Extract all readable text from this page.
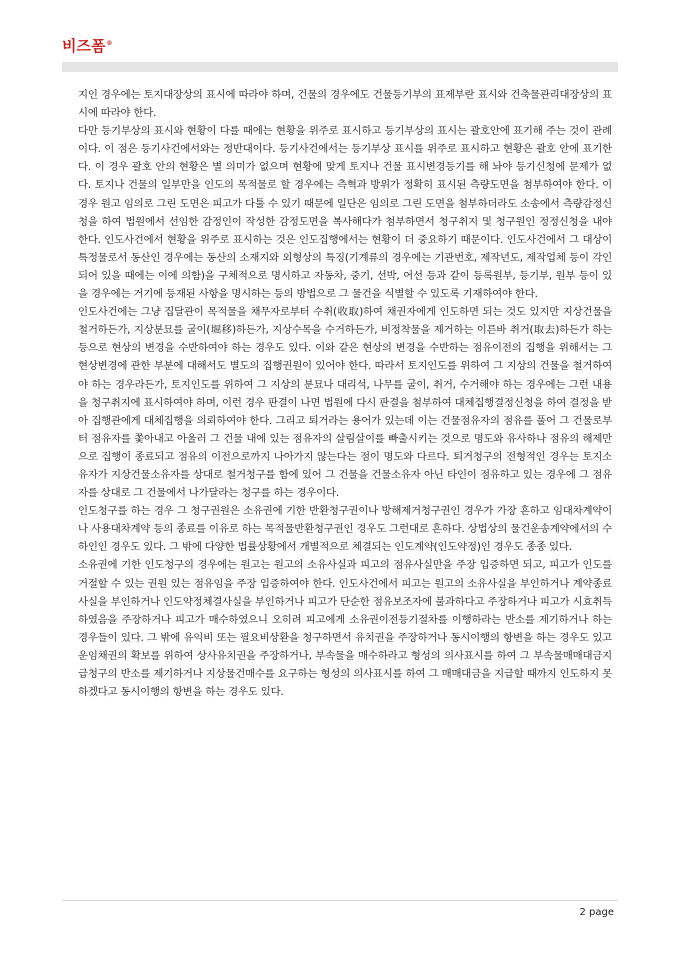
비즈폼®

지인 경우에는 토지대장상의 표시에 따라야 하며, 건물의 경우에도 건물등기부의 표제부란 표시와 건축물관리대장상의 표시에 따라야 한다.

다만 등기부상의 표시와 현황이 다를 때에는 현황을 위주로 표시하고 등기부상의 표시는 괄호안에 표기해 주는 것이 관례이다. 이 점은 등기사건에서와는 정반대이다. 등기사건에서는 등기부상 표시를 위주로 표시하고 현황은 괄호 안에 표기한다. 이 경우 괄호 안의 현황은 별 의미가 없으며 현황에 맞게 토지나 건물 표시변경등기를 해 놔야 등기신청에 문제가 없다. 토지나 건물의 일부만을 인도의 목적물로 할 경우에는 측혁과 방위가 정확히 표시된 측량도면을 첨부하여야 한다. 이 경우 원고 임의로 그린 도면은 피고가 다툴 수 있기 때문에 일단은 임의로 그린 도면을 첨부하더라도 소송에서 측량감정신청을 하여 법원에서 선임한 감정인이 작성한 감정도면을 복사해다가 첨부하면서 청구취지 및 청구원인 정정신청을 내야 한다. 인도사건에서 현황을 위주로 표시하는 것은 인도집행에서는 현황이 더 중요하기 때문이다. 인도사건에서 그 대상이 특정물로서 동산인 경우에는 동산의 소재지와 외형상의 특징(기계류의 경우에는 기관번호, 제작년도, 제작업체 등이 각인되어 있을 때에는 이에 의함)을 구체적으로 명시하고 자동차, 중기, 선박, 어선 등과 같이 등록원부, 등기부, 원부 등이 있을 경우에는 거기에 등재된 사항을 명시하는 등의 방법으로 그 물건을 식별할 수 있도록 기재하여야 한다.

인도사건에는 그냥 집달관이 목적물을 채무자로부터 수취(收取)하여 채권자에게 인도하면 되는 것도 있지만 지상건물을 철거하든가, 지상분묘를 굴이(堀移)하든가, 지상수목을 수거하든가, 비정착물을 제거하는 이른바 취거(取去)하든가 하는 등으로 현상의 변경을 수반하여야 하는 경우도 있다. 이와 같은 현상의 변경을 수반하는 점유이전의 집행을 위해서는 그 현상변경에 관한 부분에 대해서도 별도의 집행권원이 있어야 한다. 따라서 토지인도를 위하여 그 지상의 건물을 철거하여야 하는 경우라든가, 토지인도를 위하여 그 지상의 분묘나 대리석, 나무를 굴이, 취거, 수거해야 하는 경우에는 그런 내용을 청구취지에 표시하여야 하며, 이런 경우 판결이 나면 법원에 다시 판결을 첨부하여 대체집행결정신청을 하여 결정을 받아 집행관에게 대체집행을 의뢰하여야 한다. 그리고 퇴거라는 용어가 있는데 이는 건물점유자의 점유를 풀어 그 건물로부터 점유자를 쫓아내고 아울러 그 건물 내에 있는 점유자의 살림살이를 빠출시키는 것으로 명도와 유사하나 점유의 해제만으로 집행이 종료되고 점유의 이전으로까지 나아가지 않는다는 점이 명도와 다르다. 퇴거청구의 전형적인 경우는 토지소유자가 지상건물소유자를 상대로 철거청구를 함에 있어 그 건물을 건물소유자 아닌 타인이 점유하고 있는 경우에 그 점유자를 상대로 그 건물에서 나가달라는 청구를 하는 경우이다.

인도청구를 하는 경우 그 청구권원은 소유권에 기한 반환청구권이나 방해제거청구권인 경우가 가장 흔하고 임대차계약이나 사용대차계약 등의 종료를 이유로 하는 목적물반환청구권인 경우도 그런대로 흔하다. 상법상의 물건운송계약에서의 수하인인 경우도 있다. 그 밖에 다양한 법률상황에서 개별적으로 체결되는 인도계약(인도약정)인 경우도 종종 있다.

소유권에 기한 인도청구의 경우에는 원고는 원고의 소유사실과 피고의 점유사실만을 주장 입증하면 되고, 피고가 인도를 거절할 수 있는 권원 있는 점유임을 주장 입증하여야 한다. 인도사건에서 피고는 원고의 소유사실을 부인하거나 계약종료사실을 부인하거나 인도약정체결사실을 부인하거나 피고가 단순한 점유보조자에 불과하다고 주장하거나 피고가 시효취득하였음을 주장하거나 피고가 매수하였으니 오히려 피고에게 소유권이전등기절차를 이행하라는 반소를 제기하거나 하는 경우들이 있다. 그 밖에 유익비 또는 필요비상환을 청구하면서 유치권을 주장하거나 동시이행의 항변을 하는 경우도 있고 운임채권의 확보를 위하여 상사유치권을 주장하거나, 부속물을 매수하라고 형성의 의사표시를 하여 그 부속물매매대금지급청구의 반소를 제기하거나 지상물건매수를 요구하는 형성의 의사표시를 하여 그 매매대금을 지급할 때까지 인도하지 못하겠다고 동시이행의 항변을 하는 경우도 있다.

2 page
